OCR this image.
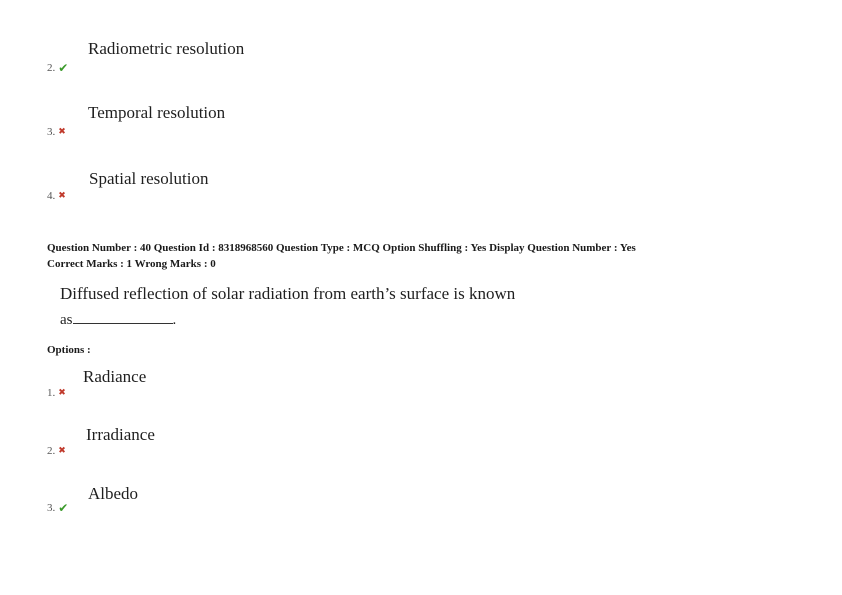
Radiometric resolution
2. ✔
Temporal resolution
3. ✖
Spatial resolution
4. ✖
Question Number : 40 Question Id : 8318968560 Question Type : MCQ Option Shuffling : Yes Display Question Number : Yes
Correct Marks : 1 Wrong Marks : 0
Diffused reflection of solar radiation from earth’s surface is known
as	.
Options :
Radiance
1. ✖
Irradiance
2. ✖
Albedo
3. ✔
